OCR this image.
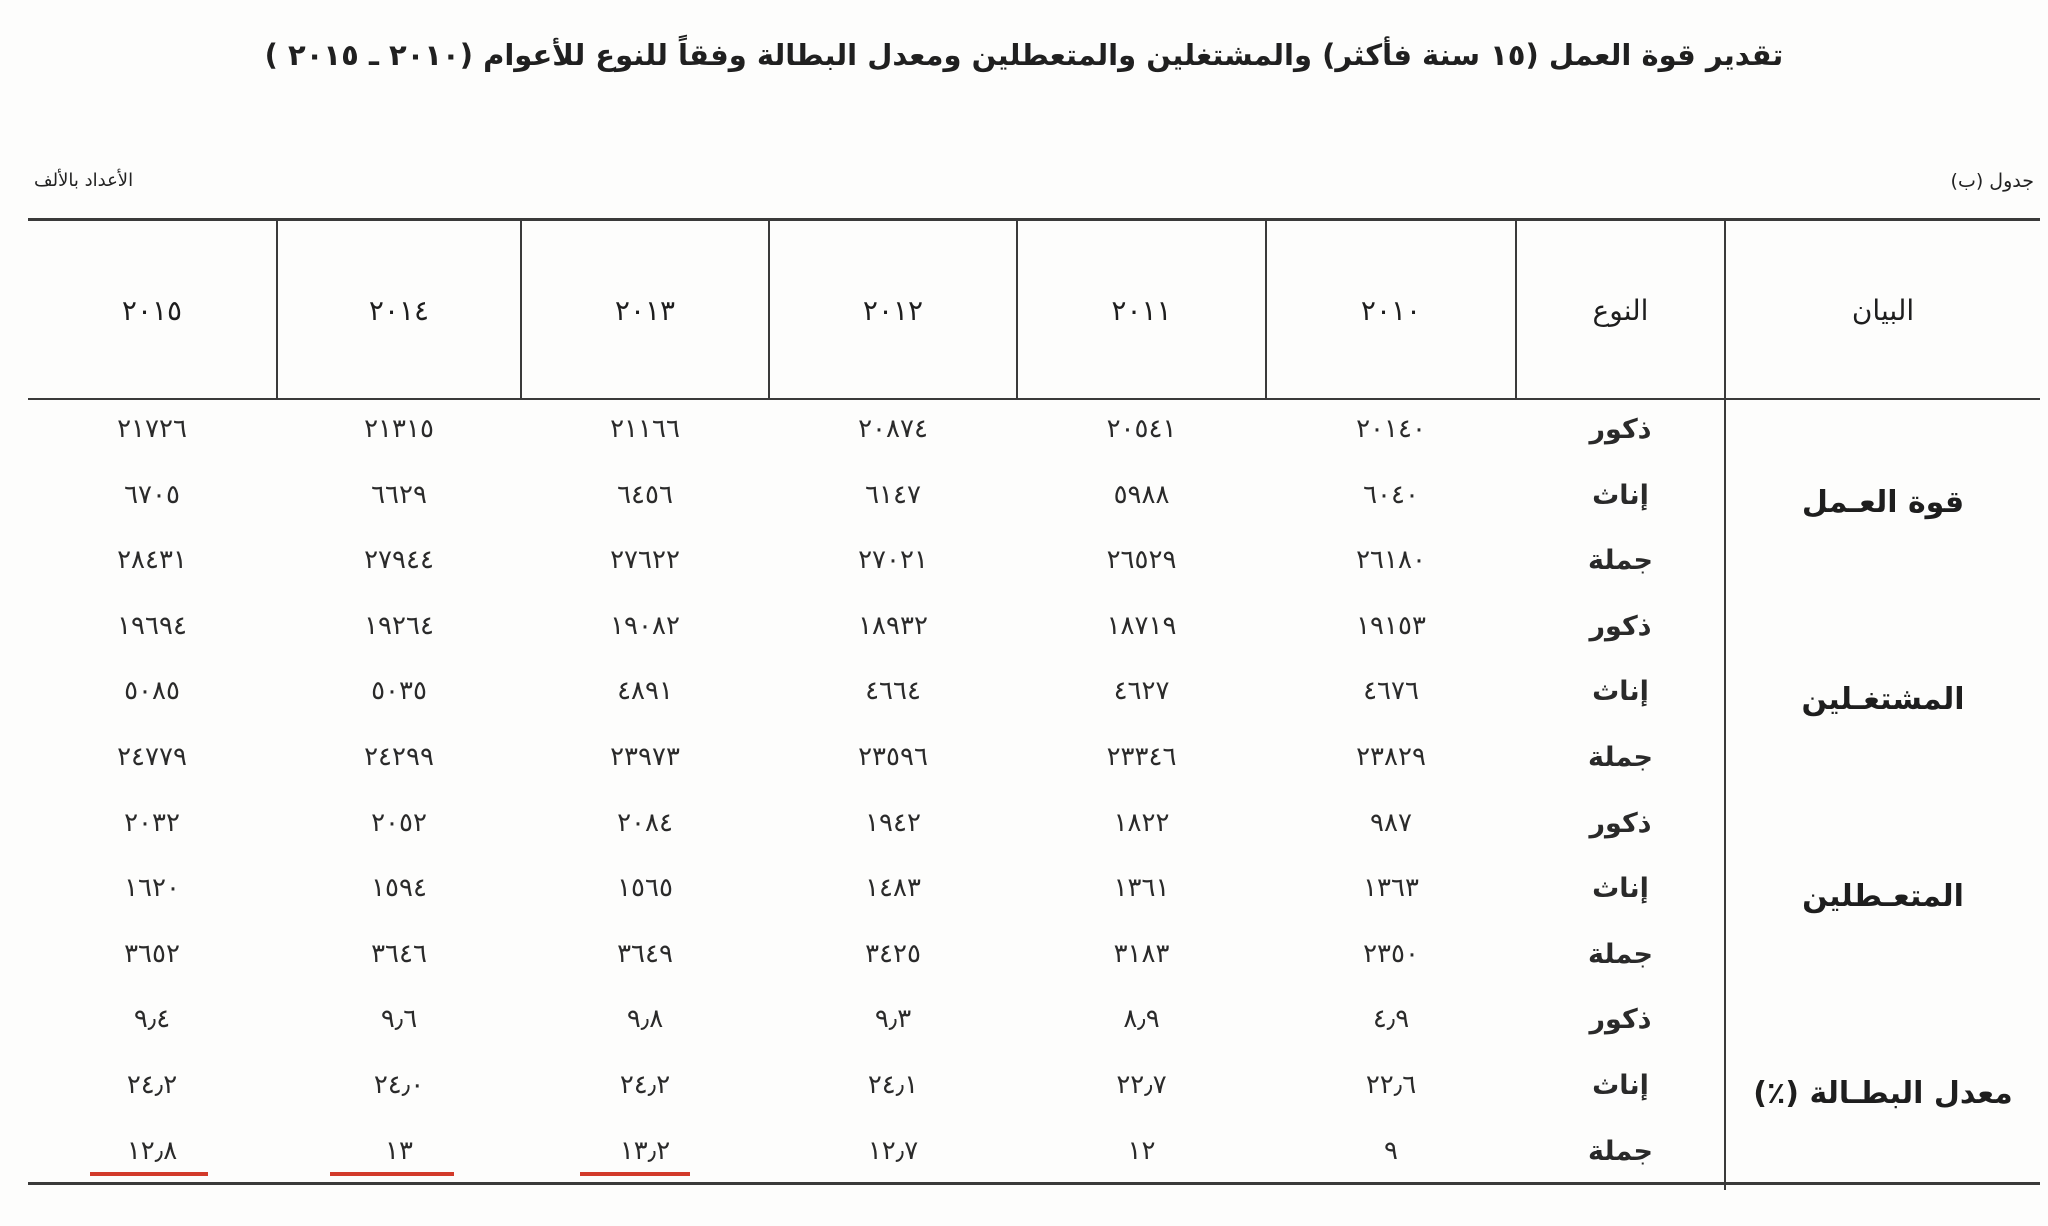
تقدير قوة العمل (١٥ سنة فأكثر) والمشتغلين والمتعطلين ومعدل البطالة وفقاً للنوع للأعوام (٢٠١٠ ـ ٢٠١٥ )
جدول (ب)
الأعداد بالألف
البيان
النوع
٢٠١٠
٢٠١١
٢٠١٢
٢٠١٣
٢٠١٤
٢٠١٥
قوة العـمل
المشتغـلين
المتعـطلين
معدل البطـالة (٪)
ذكور
٢٠١٤٠
٢٠٥٤١
٢٠٨٧٤
٢١١٦٦
٢١٣١٥
٢١٧٢٦
إناث
٦٠٤٠
٥٩٨٨
٦١٤٧
٦٤٥٦
٦٦٢٩
٦٧٠٥
جملة
٢٦١٨٠
٢٦٥٢٩
٢٧٠٢١
٢٧٦٢٢
٢٧٩٤٤
٢٨٤٣١
ذكور
١٩١٥٣
١٨٧١٩
١٨٩٣٢
١٩٠٨٢
١٩٢٦٤
١٩٦٩٤
إناث
٤٦٧٦
٤٦٢٧
٤٦٦٤
٤٨٩١
٥٠٣٥
٥٠٨٥
جملة
٢٣٨٢٩
٢٣٣٤٦
٢٣٥٩٦
٢٣٩٧٣
٢٤٢٩٩
٢٤٧٧٩
ذكور
٩٨٧
١٨٢٢
١٩٤٢
٢٠٨٤
٢٠٥٢
٢٠٣٢
إناث
١٣٦٣
١٣٦١
١٤٨٣
١٥٦٥
١٥٩٤
١٦٢٠
جملة
٢٣٥٠
٣١٨٣
٣٤٢٥
٣٦٤٩
٣٦٤٦
٣٦٥٢
ذكور
٤٫٩
٨٫٩
٩٫٣
٩٫٨
٩٫٦
٩٫٤
إناث
٢٢٫٦
٢٢٫٧
٢٤٫١
٢٤٫٢
٢٤٫٠
٢٤٫٢
جملة
٩
١٢
١٢٫٧
١٣٫٢
١٣
١٢٫٨
